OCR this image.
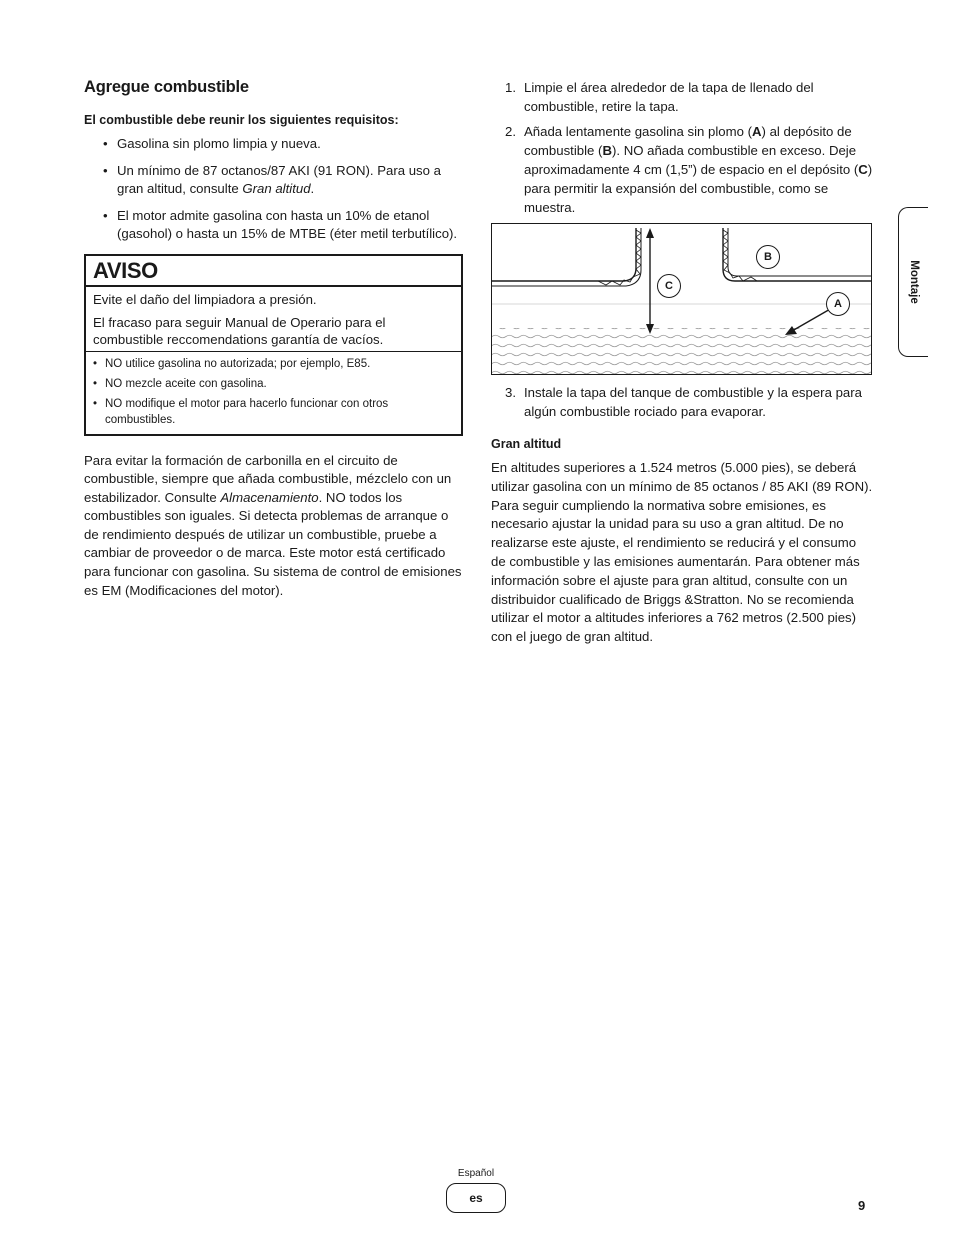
Agregue combustible
El combustible debe reunir los siguientes requisitos:
• Gasolina sin plomo limpia y nueva.
• Un mínimo de 87 octanos/87 AKI (91 RON). Para uso a gran altitud, consulte Gran altitud.
• El motor admite gasolina con hasta un 10% de etanol (gasohol) o hasta un 15% de MTBE (éter metil terbutílico).
AVISO

Evite el daño del limpiadora a presión.

El fracaso para seguir Manual de Operario para el combustible reccomendations garantía de vacíos.

• NO utilice gasolina no autorizada; por ejemplo, E85.
• NO mezcle aceite con gasolina.
• NO modifique el motor para hacerlo funcionar con otros combustibles.

Para evitar la formación de carbonilla en el circuito de combustible, siempre que añada combustible, mézclelo con un estabilizador. Consulte Almacenamiento. NO todos los combustibles son iguales. Si detecta problemas de arranque o de rendimiento después de utilizar un combustible, pruebe a cambiar de proveedor o de marca. Este motor está certificado para funcionar con gasolina. Su sistema de control de emisiones es EM (Modificaciones del motor).

1. Limpie el área alrededor de la tapa de llenado del combustible, retire la tapa.
2. Añada lentamente gasolina sin plomo (A) al depósito de combustible (B). NO añada combustible en exceso. Deje aproximadamente 4 cm (1,5”) de espacio en el depósito (C) para permitir la expansión del combustible, como se muestra.
C
B
A
3. Instale la tapa del tanque de combustible y la espera para algún combustible rociado para evaporar.
Gran altitud

En altitudes superiores a 1.524 metros (5.000 pies), se deberá utilizar gasolina con un mínimo de 85 octanos / 85 AKI (89 RON). Para seguir cumpliendo la normativa sobre emisiones, es necesario ajustar la unidad para su uso a gran altitud. De no realizarse este ajuste, el rendimiento se reducirá y el consumo de combustible y las emisiones aumentarán. Para obtener más información sobre el ajuste para gran altitud, consulte con un distribuidor cualificado de Briggs &Stratton. No se recomienda utilizar el motor a altitudes inferiores a 762 metros (2.500 pies) con el juego de gran altitud.

Montaje
Español
es	9
